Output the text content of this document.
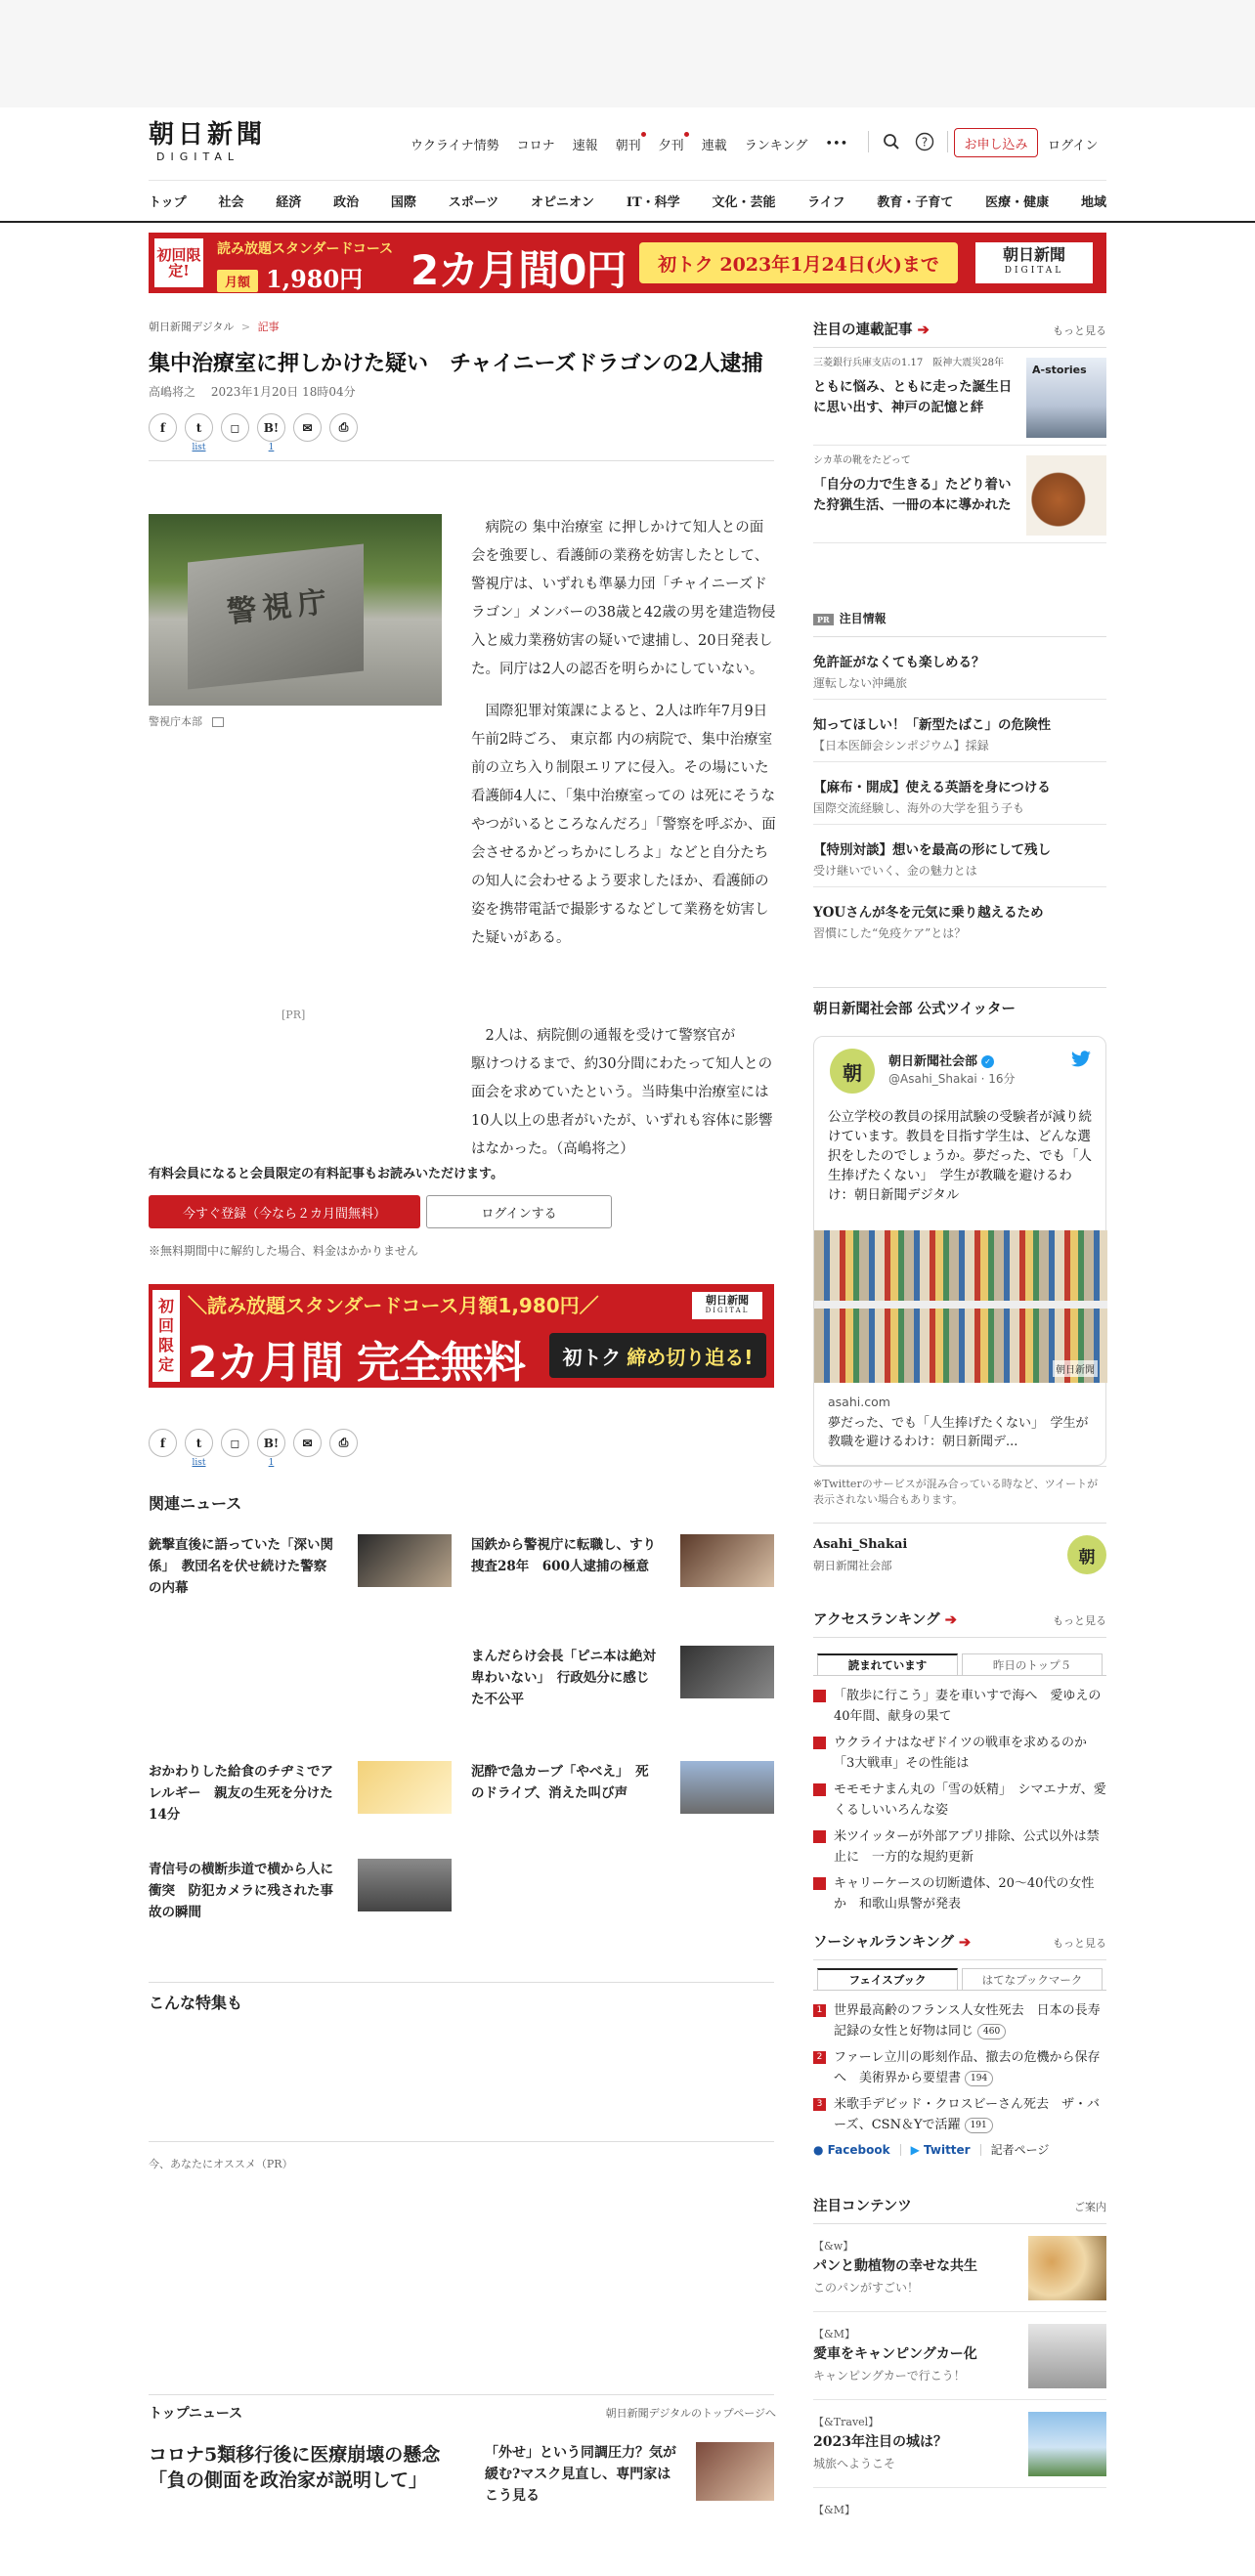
朝日新聞
DIGITAL
ウクライナ情勢 コロナ 速報 朝刊 夕刊 連載 ランキング •••	?	お申し込み	ログイン
トップ	社会	経済	政治	国際	スポーツ	オピニオン	IT・科学	文化・芸能	ライフ	教育・子育て	医療・健康	地域
初回限定!
読み放題スタンダードコース
月額 1,980円 2カ月間0円	初トク 2023年1月24日(火)まで	朝日新聞
DIGITAL
朝日新聞デジタル > 記事
集中治療室に押しかけた疑い　チャイニーズドラゴンの2人逮捕
高嶋将之 2023年1月20日 18時04分
f	t
list
◻	B!
1
✉	⎙
警視庁
警視庁本部
[PR]

病院の 集中治療室 に押しかけて知人との面会を強要し、看護師の業務を妨害したとして、警視庁は、いずれも準暴力団「チャイニーズドラゴン」メンバーの38歳と42歳の男を建造物侵入と威力業務妨害の疑いで逮捕し、20日発表した。同庁は2人の認否を明らかにしていない。

国際犯罪対策課によると、2人は昨年7月9日午前2時ごろ、 東京都 内の病院で、集中治療室前の立ち入り制限エリアに侵入。その場にいた看護師4人に、「集中治療室っての は死にそうなやつがいるところなんだろ」「警察を呼ぶか、面会させるかどっちかにしろよ」などと自分たちの知人に会わせるよう要求したほか、看護師の姿を携帯電話で撮影するなどして業務を妨害した疑いがある。

2人は、病院側の通報を受けて警察官が
駆けつけるまで、約30分間にわたって知人との面会を求めていたという。当時集中治療室には10人以上の患者がいたが、いずれも容体に影響はなかった。（高嶋将之）
有料会員になると会員限定の有料記事もお読みいただけます。
今すぐ登録（今なら２カ月間無料）	ログインする
※無料期間中に解約した場合、料金はかかりません
初回限定
＼読み放題スタンダードコース月額1,980円／	朝日新聞
DIGITAL
2カ月間 完全無料 初トク 締め切り迫る!
f	t
list
◻	B!
1
✉	⎙
関連ニュース
銃撃直後に語っていた「深い関係」　教団名を伏せ続けた警察の内幕
国鉄から警視庁に転職し、すり捜査28年　600人逮捕の極意
まんだらけ会長「ピニ本は絶対卑わいない」　行政処分に感じた不公平
おかわりした給食のチヂミでアレルギー　親友の生死を分けた14分
泥酔で急カーブ「やべえ」　死のドライブ、消えた叫び声
青信号の横断歩道で横から人に衝突　防犯カメラに残された事故の瞬間
こんな特集も
今、あなたにオススメ（PR）
トップニュース	朝日新聞デジタルのトップページへ
コロナ5類移行後に医療崩壊の懸念「負の側面を政治家が説明して」
「外せ」という同調圧力？気が緩む?マスク見直し、専門家はこう見る
注目の連載記事 ➔	もっと見る
三菱銀行兵庫支店の1.17　阪神大震災28年
ともに悩み、ともに走った誕生日に思い出す、神戸の記憶と絆
A-stories
シカ革の靴をたどって
「自分の力で生きる」たどり着いた狩猟生活、一冊の本に導かれた
PR 注目情報
免許証がなくても楽しめる？
運転しない沖縄旅
知ってほしい！「新型たばこ」の危険性
【日本医師会シンポジウム】採録
【麻布・開成】使える英語を身につける
国際交流経験し、海外の大学を狙う子も
【特別対談】想いを最高の形にして残し
受け継いでいく、金の魅力とは
YOUさんが冬を元気に乗り越えるため
習慣にした“免疫ケア”とは？
朝日新聞社会部 公式ツイッター
朝	朝日新聞社会部 ✓
@Asahi_Shakai · 16分
公立学校の教員の採用試験の受験者が減り続けています。教員を目指す学生は、どんな選択をしたのでしょうか。夢だった、でも「人生捧げたくない」　学生が教職を避けるわけ：朝日新聞デジタル
朝日新聞
asahi.com
夢だった、でも「人生捧げたくない」　学生が教職を避けるわけ：朝日新聞デ...
※Twitterのサービスが混み合っている時など、ツイートが表示されない場合もあります。
Asahi_Shakai
朝日新聞社会部	朝
アクセスランキング ➔	もっと見る
読まれています	昨日のトップ５
「散歩に行こう」妻を車いすで海へ　愛ゆえの40年間、献身の果て
ウクライナはなぜドイツの戦車を求めるのか　「3大戦車」その性能は
モモモナまん丸の「雪の妖精」　シマエナガ、愛くるしいいろんな姿
米ツイッターが外部アプリ排除、公式以外は禁止に　一方的な規約更新
キャリーケースの切断遺体、20～40代の女性か　和歌山県警が発表
ソーシャルランキング ➔	もっと見る
フェイスブック	はてなブックマーク
1 世界最高齢のフランス人女性死去　日本の長寿記録の女性と好物は同じ 460
2 ファーレ立川の彫刻作品、撤去の危機から保存へ　美術界から要望書 194
3 米歌手デビッド・クロスビーさん死去　ザ・バーズ、CSN＆Yで活躍 191
● Facebook ▶ Twitter 記者ページ
注目コンテンツ	ご案内
【&w】
パンと動植物の幸せな共生
このパンがすごい！
【&M】
愛車をキャンピングカー化
キャンピングカーで行こう！
【&Travel】
2023年注目の城は？
城旅へようこそ
【&M】
